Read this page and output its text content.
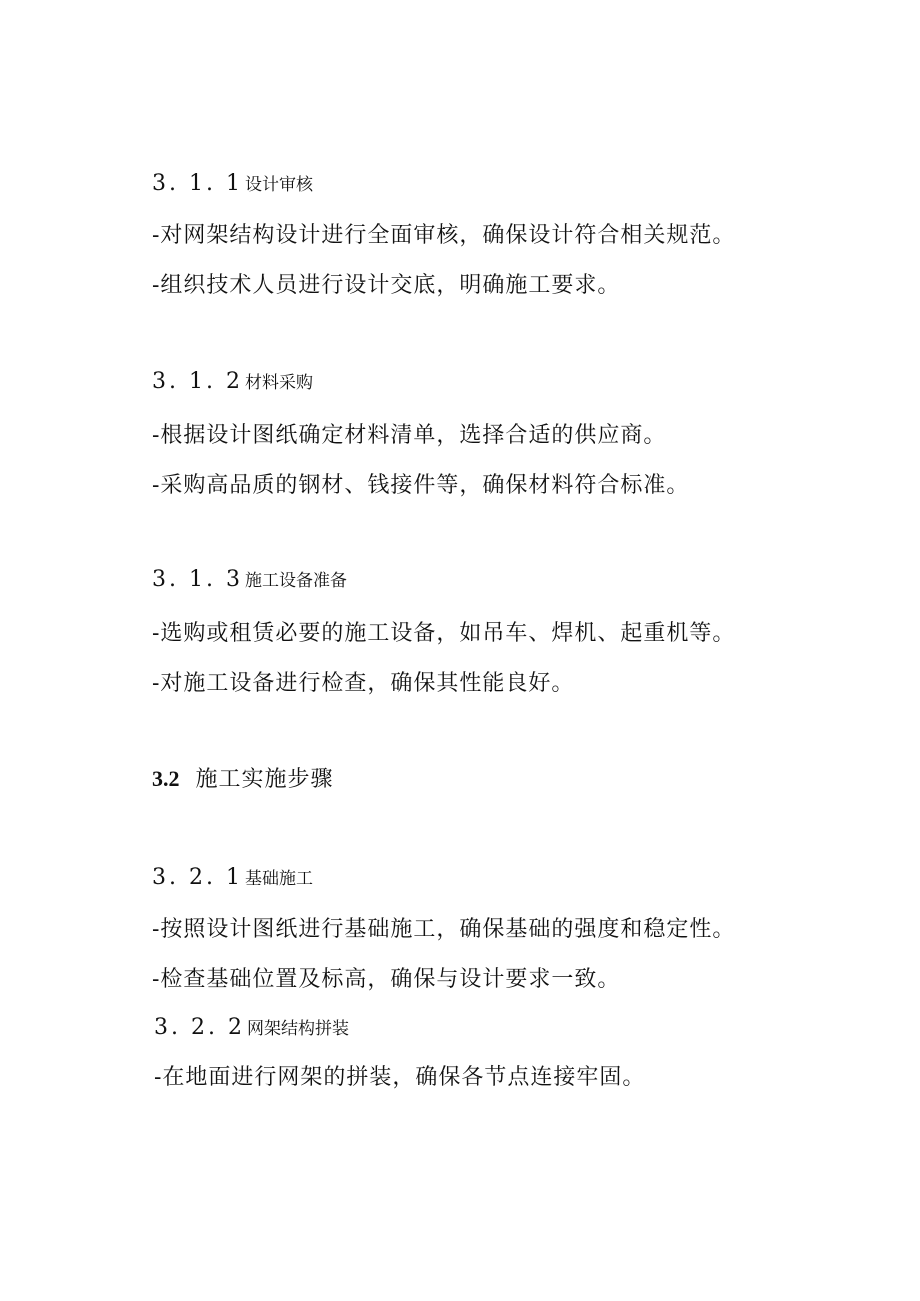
3. 1. 1 设计审核
-对网架结构设计进行全面审核，确保设计符合相关规范。
-组织技术人员进行设计交底，明确施工要求。
3. 1. 2 材料采购
-根据设计图纸确定材料清单，选择合适的供应商。
-采购高品质的钢材、钱接件等，确保材料符合标准。
3. 1. 3 施工设备准备
-选购或租赁必要的施工设备，如吊车、焊机、起重机等。
-对施工设备进行检查，确保其性能良好。
3.2 施工实施步骤
3. 2. 1 基础施工
-按照设计图纸进行基础施工，确保基础的强度和稳定性。
-检查基础位置及标高，确保与设计要求一致。
3. 2. 2 网架结构拼装
-在地面进行网架的拼装，确保各节点连接牢固。
